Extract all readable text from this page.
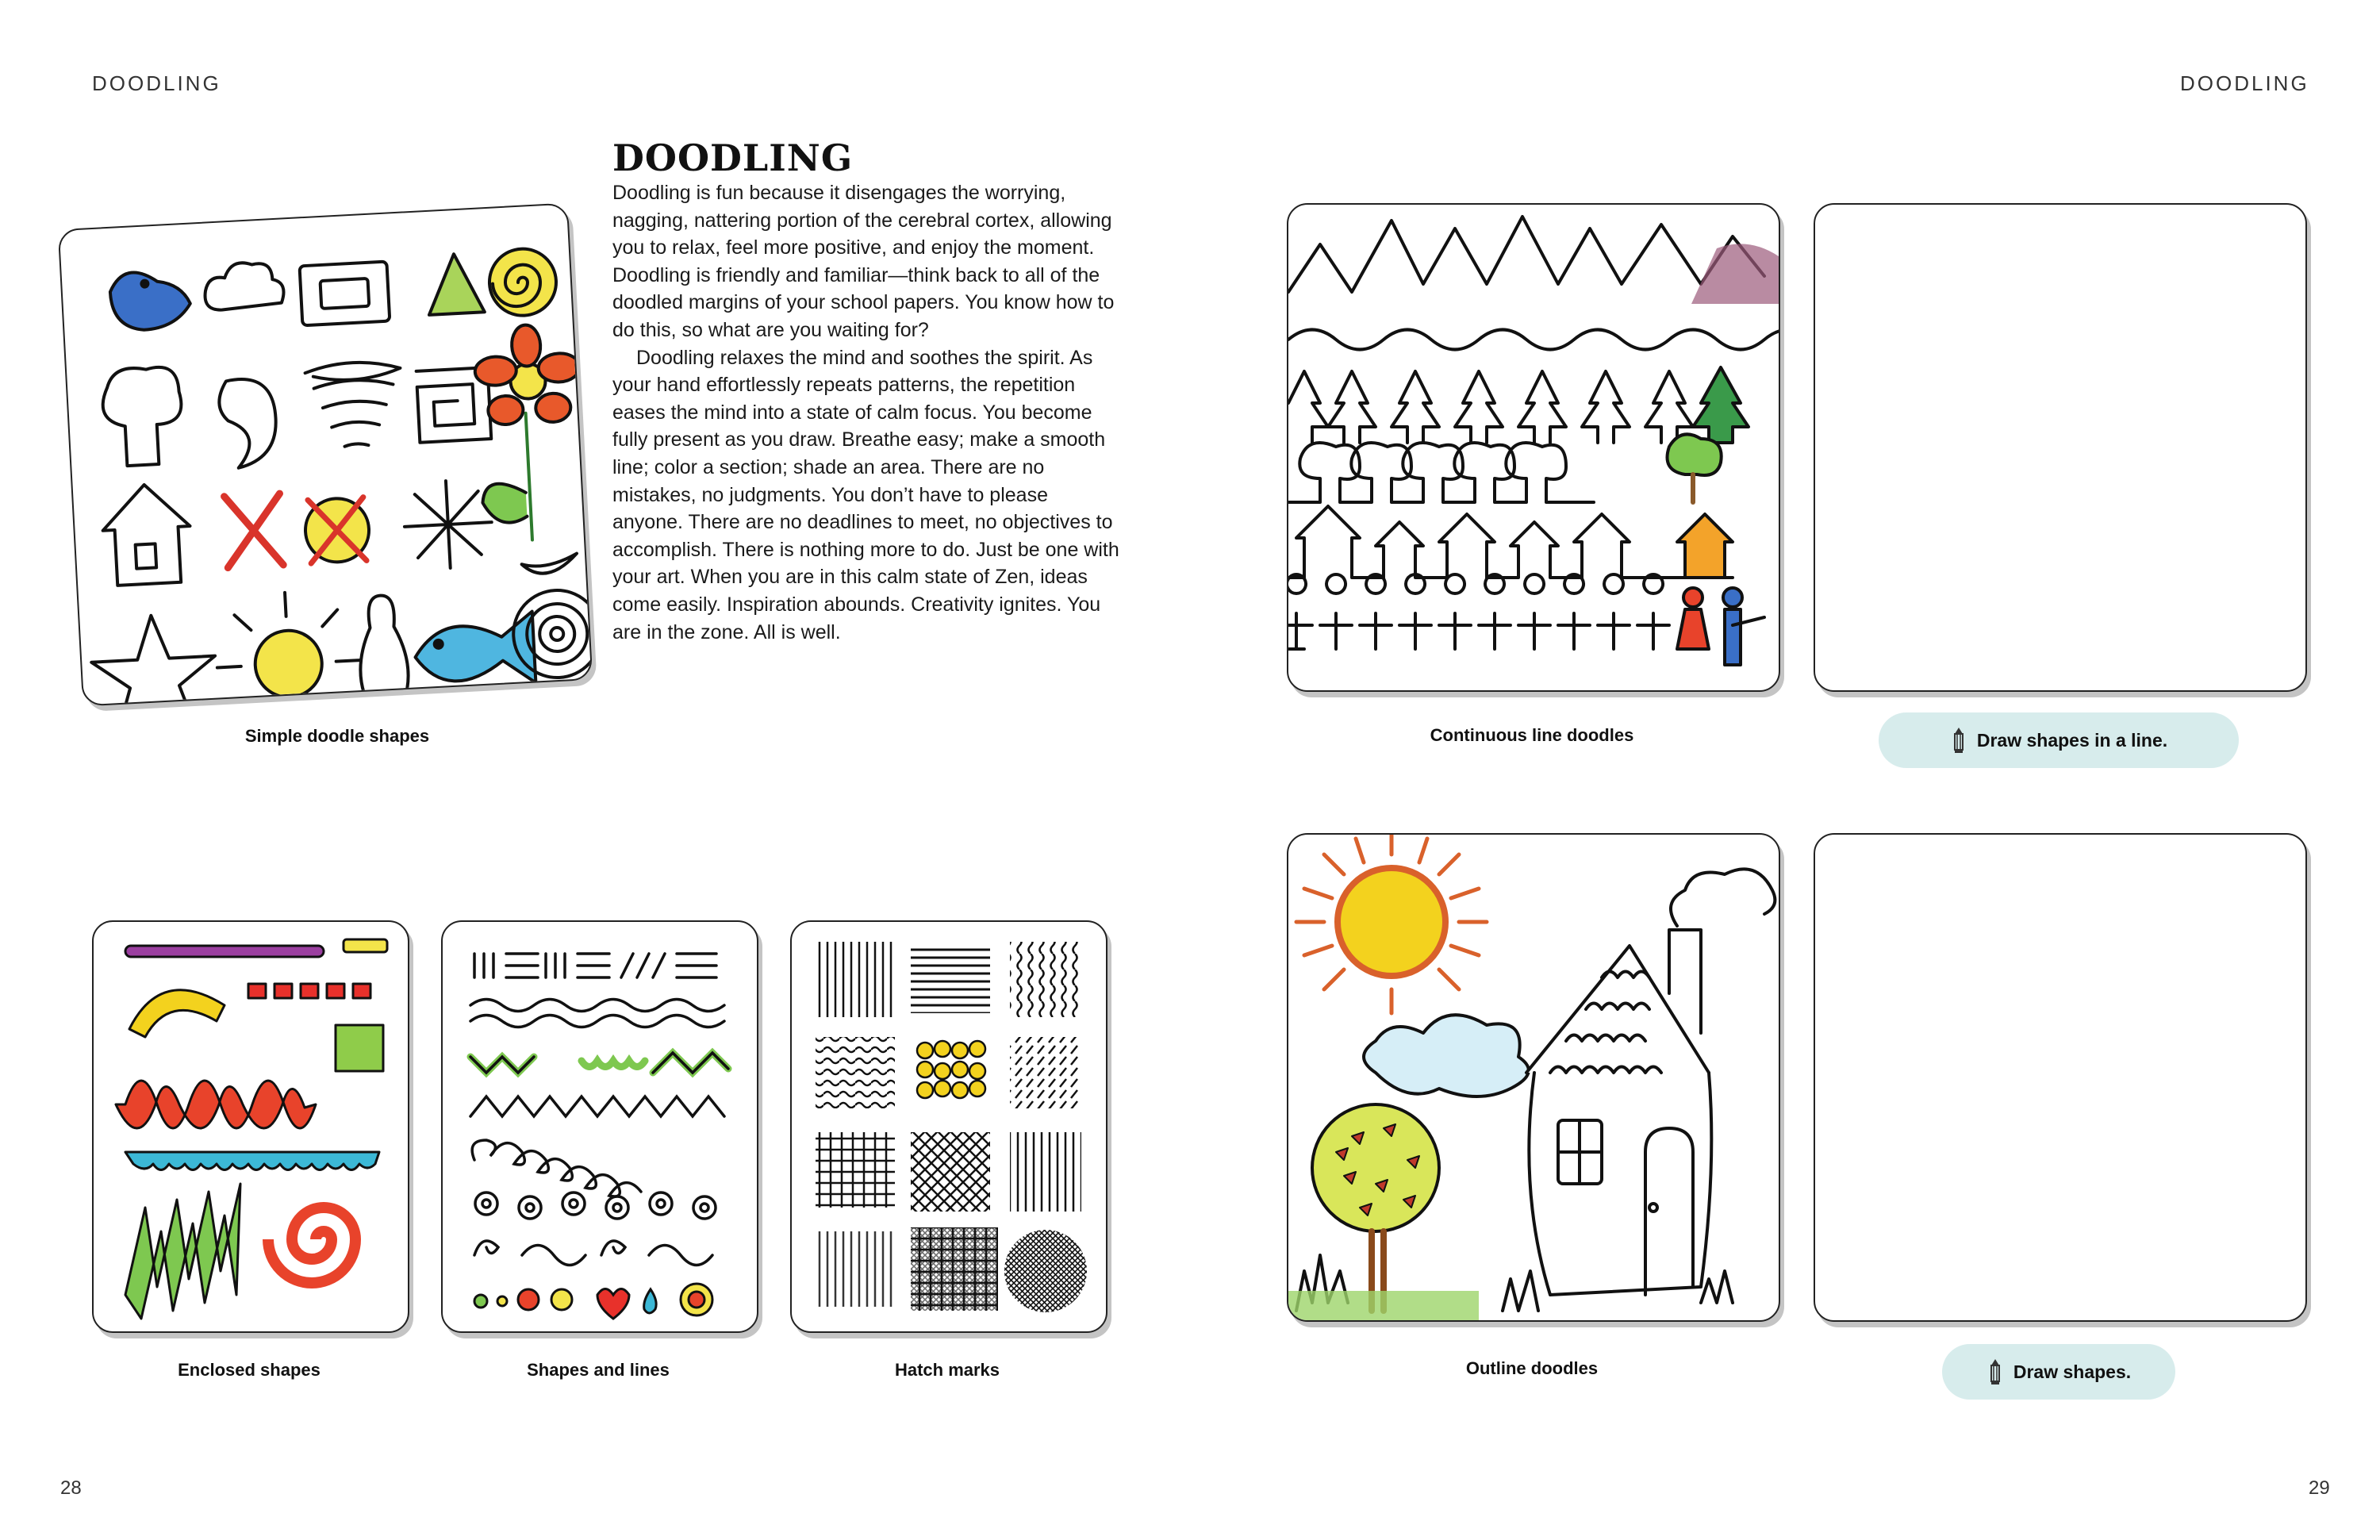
DOODLING
28
DOODLING

Doodling is fun because it disengages the worrying, nagging, nattering portion of the cerebral cortex, allowing you to relax, feel more positive, and enjoy the moment. Doodling is friendly and familiar—think back to all of the doodled margins of your school papers. You know how to do this, so what are you waiting for?

Doodling relaxes the mind and soothes the spirit. As your hand effortlessly repeats patterns, the repetition eases the mind into a state of calm focus. You become fully present as you draw. Breathe easy; make a smooth line; color a section; shade an area. There are no mistakes, no judgments. You don’t have to please anyone. There are no deadlines to meet, no objectives to accomplish. There is nothing more to do. Just be one with your art. When you are in this calm state of Zen, ideas come easily. Inspiration abounds. Creativity ignites. You are in the zone. All is well.

Simple doodle shapes
Enclosed shapes	Shapes and lines	Hatch marks
DOODLING
29
Continuous line doodles	Draw shapes in a line.
Outline doodles	Draw shapes.
